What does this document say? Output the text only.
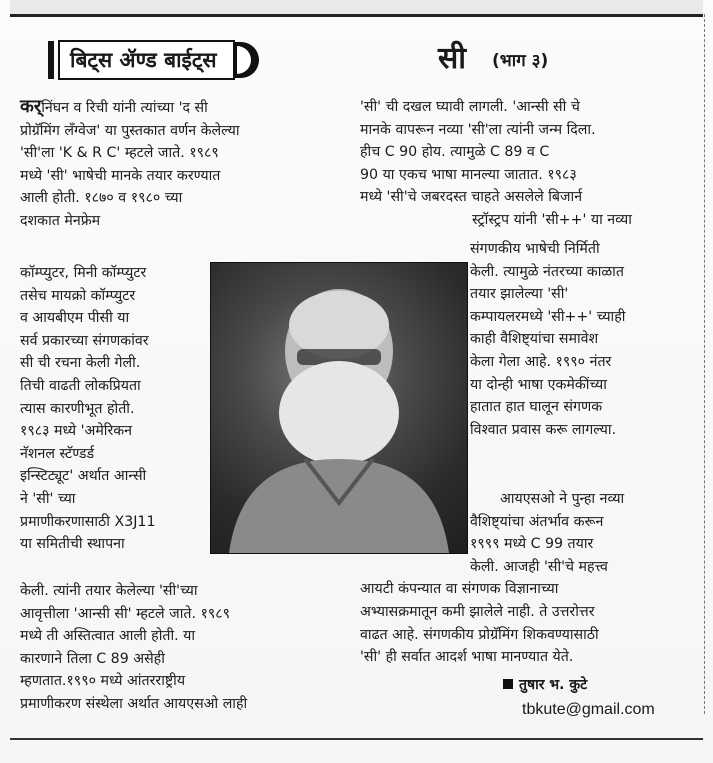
बिट्स ॲण्ड बाईट्स	सी (भाग ३)

कर्निंघन व रिची यांनी त्यांच्या 'द सी

प्रोग्रॅमिंग लँग्वेज' या पुस्तकात वर्णन केलेल्या

'सी'ला 'K & R C' म्हटले जाते. १९८९

मध्ये 'सी' भाषेची मानके तयार करण्यात

आली होती. १८७० व १९८० च्या

दशकात मेनफ्रेम

कॉम्प्युटर, मिनी कॉम्प्युटर

तसेच मायक्रो कॉम्प्युटर

व आयबीएम पीसी या

सर्व प्रकारच्या संगणकांवर

सी ची रचना केली गेली.

तिची वाढती लोकप्रियता

त्यास कारणीभूत होती.

१९८३ मध्ये 'अमेरिकन

नॅशनल स्टॅण्डर्ड

इन्स्टिट्यूट' अर्थात आन्सी

ने 'सी' च्या

प्रमाणीकरणासाठी X3J11

या समितीची स्थापना

केली. त्यांनी तयार केलेल्या 'सी'च्या

आवृत्तीला 'आन्सी सी' म्हटले जाते. १९८९

मध्ये ती अस्तित्वात आली होती. या

कारणाने तिला C 89 असेही

म्हणतात.१९९० मध्ये आंतरराष्ट्रीय

प्रमाणीकरण संस्थेला अर्थात आयएसओ लाही

'सी' ची दखल घ्यावी लागली. 'आन्सी सी चे

मानके वापरून नव्या 'सी'ला त्यांनी जन्म दिला.

हीच C 90 होय. त्यामुळे C 89 व C

90 या एकच भाषा मानल्या जातात. १९८३

मध्ये 'सी'चे जबरदस्त चाहते असलेले बिजार्न

स्ट्रॉस्ट्रप यांनी 'सी++' या नव्या

संगणकीय भाषेची निर्मिती

केली. त्यामुळे नंतरच्या काळात

तयार झालेल्या 'सी'

कम्पायलरमध्ये 'सी++' च्याही

काही वैशिष्ट्यांचा समावेश

केला गेला आहे. १९९० नंतर

या दोन्ही भाषा एकमेकींच्या

हातात हात घालून संगणक

विश्वात प्रवास करू लागल्या.

आयएसओ ने पुन्हा नव्या

वैशिष्ट्यांचा अंतर्भाव करून

१९९९ मध्ये C 99 तयार

केली. आजही 'सी'चे महत्त्व

आयटी कंपन्यात वा संगणक विज्ञानाच्या

अभ्यासक्रमातून कमी झालेले नाही. ते उत्तरोत्तर

वाढत आहे. संगणकीय प्रोग्रॅमिंग शिकवण्यासाठी

'सी' ही सर्वात आदर्श भाषा मानण्यात येते.

तुषार भ. कुटे
tbkute@gmail.com
